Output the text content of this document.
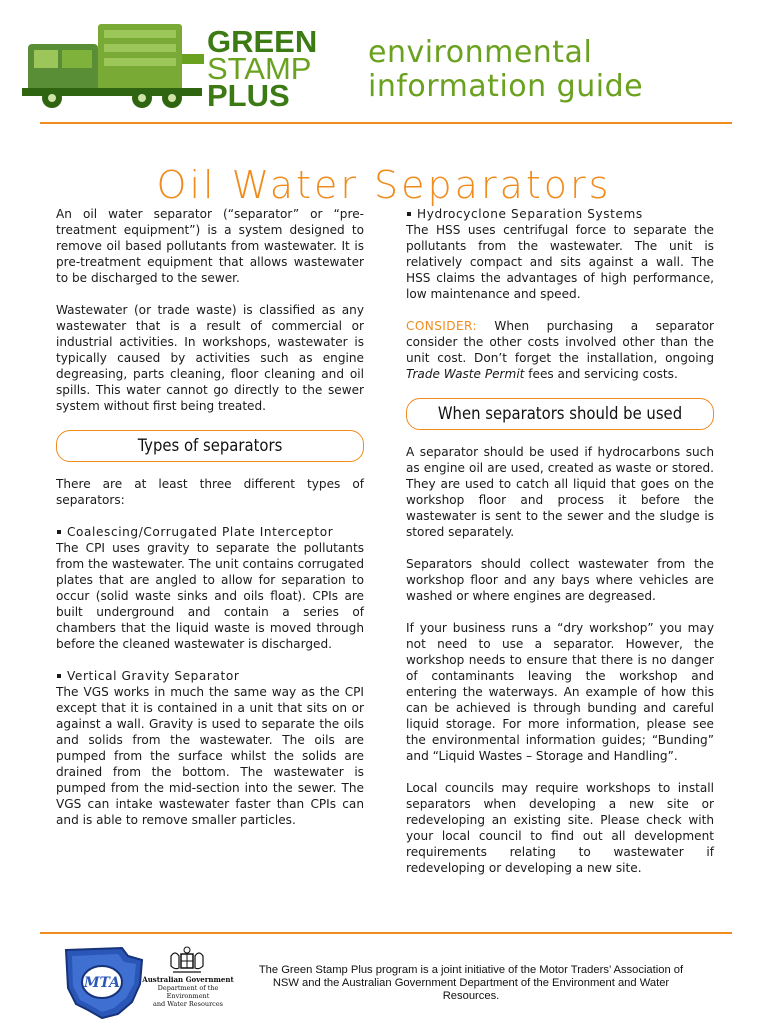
GREEN
STAMP
PLUS
environmental
information guide
Oil Water Separators

An oil water separator (“separator” or “pre-treatment equipment”) is a system designed to remove oil based pollutants from wastewater. It is pre-treatment equipment that allows wastewater to be discharged to the sewer.

Wastewater (or trade waste) is classified as any wastewater that is a result of commercial or industrial activities. In workshops, wastewater is typically caused by activities such as engine degreasing, parts cleaning, floor cleaning and oil spills. This water cannot go directly to the sewer system without first being treated.

Types of separators

There are at least three different types of separators:

Coalescing/Corrugated Plate Interceptor

The CPI uses gravity to separate the pollutants from the wastewater. The unit contains corrugated plates that are angled to allow for separation to occur (solid waste sinks and oils float). CPIs are built underground and contain a series of chambers that the liquid waste is moved through before the cleaned wastewater is discharged.

Vertical Gravity Separator

The VGS works in much the same way as the CPI except that it is contained in a unit that sits on or against a wall. Gravity is used to separate the oils and solids from the wastewater. The oils are pumped from the surface whilst the solids are drained from the bottom. The wastewater is pumped from the mid-section into the sewer. The VGS can intake wastewater faster than CPIs can and is able to remove smaller particles.

Hydrocyclone Separation Systems

The HSS uses centrifugal force to separate the pollutants from the wastewater. The unit is relatively compact and sits against a wall. The HSS claims the advantages of high performance, low maintenance and speed.

CONSIDER: When purchasing a separator consider the other costs involved other than the unit cost. Don’t forget the installation, ongoing Trade Waste Permit fees and servicing costs.

When separators should be used

A separator should be used if hydrocarbons such as engine oil are used, created as waste or stored. They are used to catch all liquid that goes on the workshop floor and process it before the wastewater is sent to the sewer and the sludge is stored separately.

Separators should collect wastewater from the workshop floor and any bays where vehicles are washed or where engines are degreased.

If your business runs a “dry workshop” you may not need to use a separator. However, the workshop needs to ensure that there is no danger of contaminants leaving the workshop and entering the waterways. An example of how this can be achieved is through bunding and careful liquid storage. For more information, please see the environmental information guides; “Bunding” and “Liquid Wastes – Storage and Handling”.

Local councils may require workshops to install separators when developing a new site or redeveloping an existing site. Please check with your local council to find out all development requirements relating to wastewater if redeveloping or developing a new site.

MTA	Australian Government
Department of the Environment
and Water Resources
The Green Stamp Plus program is a joint initiative of the Motor Traders’ Association of NSW and the Australian Government Department of the Environment and Water Resources.
